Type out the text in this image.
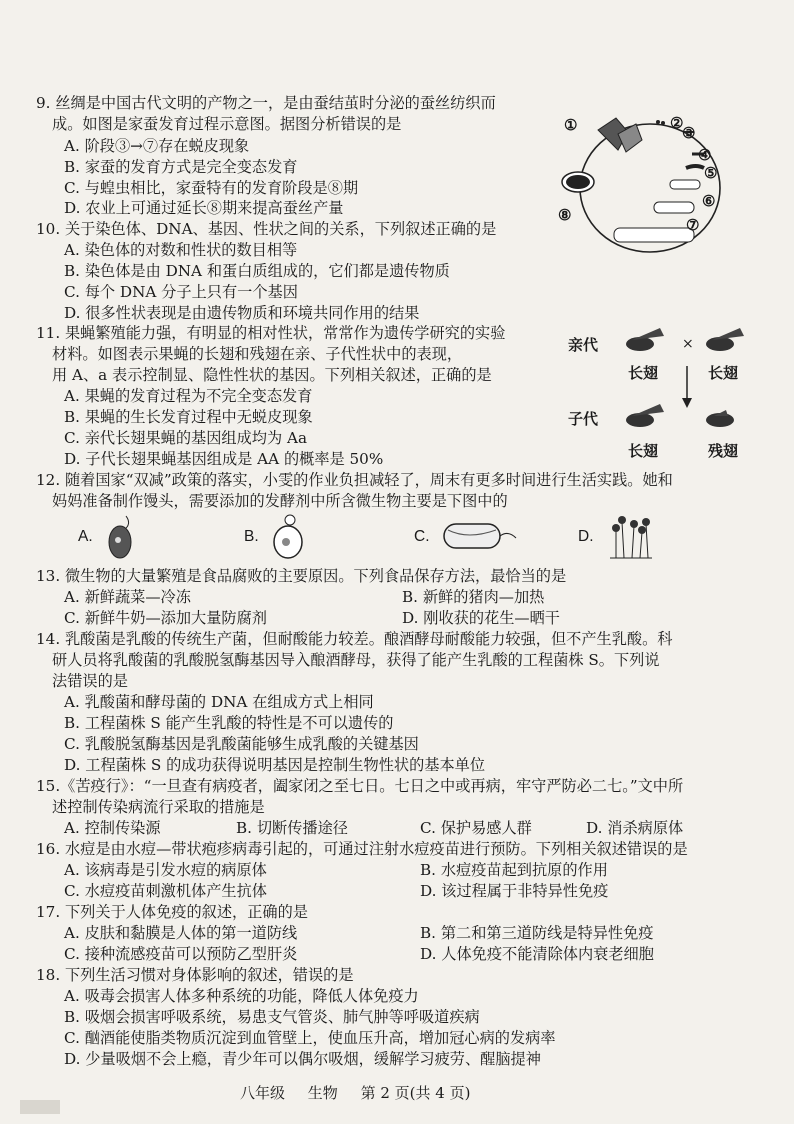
9. 丝绸是中国古代文明的产物之一，是由蚕结茧时分泌的蚕丝纺织而
成。如图是家蚕发育过程示意图。据图分析错误的是
A. 阶段③→⑦存在蜕皮现象
B. 家蚕的发育方式是完全变态发育
C. 与蝗虫相比，家蚕特有的发育阶段是⑧期
D. 农业上可通过延长⑧期来提高蚕丝产量
①	②
③
④
⑤
⑥
⑦
⑧
10. 关于染色体、DNA、基因、性状之间的关系，下列叙述正确的是
A. 染色体的对数和性状的数目相等
B. 染色体是由 DNA 和蛋白质组成的，它们都是遗传物质
C. 每个 DNA 分子上只有一个基因
D. 很多性状表现是由遗传物质和环境共同作用的结果
11. 果蝇繁殖能力强，有明显的相对性状，常常作为遗传学研究的实验
材料。如图表示果蝇的长翅和残翅在亲、子代性状中的表现，
用 A、a 表示控制显、隐性性状的基因。下列相关叙述，正确的是
A. 果蝇的发育过程为不完全变态发育
B. 果蝇的生长发育过程中无蜕皮现象
C. 亲代长翅果蝇的基因组成均为 Aa
D. 子代长翅果蝇基因组成是 AA 的概率是 50%
亲代	×
长翅	长翅
子代
长翅	残翅
12. 随着国家“双减”政策的落实，小雯的作业负担减轻了，周末有更多时间进行生活实践。她和
妈妈准备制作馒头，需要添加的发酵剂中所含微生物主要是下图中的
A.	B.	C.	D.
13. 微生物的大量繁殖是食品腐败的主要原因。下列食品保存方法，最恰当的是
A. 新鲜蔬菜—冷冻	B. 新鲜的猪肉—加热
C. 新鲜牛奶—添加大量防腐剂	D. 刚收获的花生—晒干
14. 乳酸菌是乳酸的传统生产菌，但耐酸能力较差。酿酒酵母耐酸能力较强，但不产生乳酸。科
研人员将乳酸菌的乳酸脱氢酶基因导入酿酒酵母，获得了能产生乳酸的工程菌株 S。下列说
法错误的是
A. 乳酸菌和酵母菌的 DNA 在组成方式上相同
B. 工程菌株 S 能产生乳酸的特性是不可以遗传的
C. 乳酸脱氢酶基因是乳酸菌能够生成乳酸的关键基因
D. 工程菌株 S 的成功获得说明基因是控制生物性状的基本单位
15.《苦疫行》：“一旦查有病疫者，阖家闭之至七日。七日之中或再病，牢守严防必二七。”文中所
述控制传染病流行采取的措施是
A. 控制传染源	B. 切断传播途径	C. 保护易感人群	D. 消杀病原体
16. 水痘是由水痘—带状疱疹病毒引起的，可通过注射水痘疫苗进行预防。下列相关叙述错误的是
A. 该病毒是引发水痘的病原体	B. 水痘疫苗起到抗原的作用
C. 水痘疫苗刺激机体产生抗体	D. 该过程属于非特异性免疫
17. 下列关于人体免疫的叙述，正确的是
A. 皮肤和黏膜是人体的第一道防线	B. 第二和第三道防线是特异性免疫
C. 接种流感疫苗可以预防乙型肝炎	D. 人体免疫不能清除体内衰老细胞
18. 下列生活习惯对身体影响的叙述，错误的是
A. 吸毒会损害人体多种系统的功能，降低人体免疫力
B. 吸烟会损害呼吸系统，易患支气管炎、肺气肿等呼吸道疾病
C. 酗酒能使脂类物质沉淀到血管壁上，使血压升高，增加冠心病的发病率
D. 少量吸烟不会上瘾，青少年可以偶尔吸烟，缓解学习疲劳、醒脑提神
八年级 生物 第 2 页(共 4 页)
